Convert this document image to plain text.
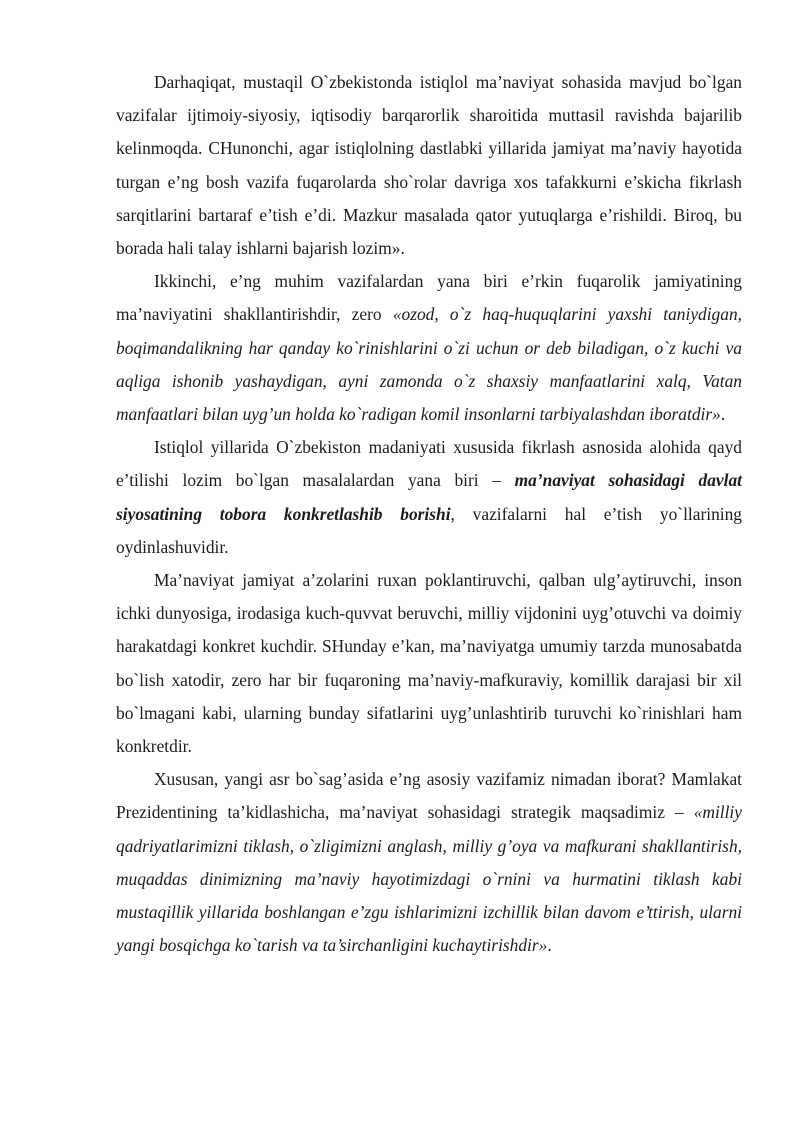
Darhaqiqat, mustaqil O`zbekistonda istiqlol ma’naviyat sohasida mavjud bo`lgan vazifalar ijtimoiy-siyosiy, iqtisodiy barqarorlik sharoitida muttasil ravishda bajarilib kelinmoqda. CHunonchi, agar istiqlolning dastlabki yillarida jamiyat ma’naviy hayotida turgan e’ng bosh vazifa fuqarolarda sho`rolar davriga xos tafakkurni e’skicha fikrlash sarqitlarini bartaraf e’tish e’di. Mazkur masalada qator yutuqlarga e’rishildi. Biroq, bu borada hali talay ishlarni bajarish lozim».

Ikkinchi, e’ng muhim vazifalardan yana biri e’rkin fuqarolik jamiyatining ma’naviyatini shakllantirishdir, zero «ozod, o`z haq-huquqlarini yaxshi taniydigan, boqimandalikning har qanday ko`rinishlarini o`zi uchun or deb biladigan, o`z kuchi va aqliga ishonib yashaydigan, ayni zamonda o`z shaxsiy manfaatlarini xalq, Vatan manfaatlari bilan uyg’un holda ko`radigan komil insonlarni tarbiyalashdan iboratdir».

Istiqlol yillarida O`zbekiston madaniyati xususida fikrlash asnosida alohida qayd e’tilishi lozim bo`lgan masalalardan yana biri – ma’naviyat sohasidagi davlat siyosatining tobora konkretlashib borishi, vazifalarni hal e’tish yo`llarining oydinlashuvidir.

Ma’naviyat jamiyat a’zolarini ruxan poklantiruvchi, qalban ulg’aytiruvchi, inson ichki dunyosiga, irodasiga kuch-quvvat beruvchi, milliy vijdonini uyg’otuvchi va doimiy harakatdagi konkret kuchdir. SHunday e’kan, ma’naviyatga umumiy tarzda munosabatda bo`lish xatodir, zero har bir fuqaroning ma’naviy-mafkuraviy, komillik darajasi bir xil bo`lmagani kabi, ularning bunday sifatlarini uyg’unlashtirib turuvchi ko`rinishlari ham konkretdir.

Xususan, yangi asr bo`sag’asida e’ng asosiy vazifamiz nimadan iborat? Mamlakat Prezidentining ta’kidlashicha, ma’naviyat sohasidagi strategik maqsadimiz – «milliy qadriyatlarimizni tiklash, o`zligimizni anglash, milliy g’oya va mafkurani shakllantirish, muqaddas dinimizning ma’naviy hayotimizdagi o`rnini va hurmatini tiklash kabi mustaqillik yillarida boshlangan e’zgu ishlarimizni izchillik bilan davom e’ttirish, ularni yangi bosqichga ko`tarish va ta’sirchanligini kuchaytirishdir».
